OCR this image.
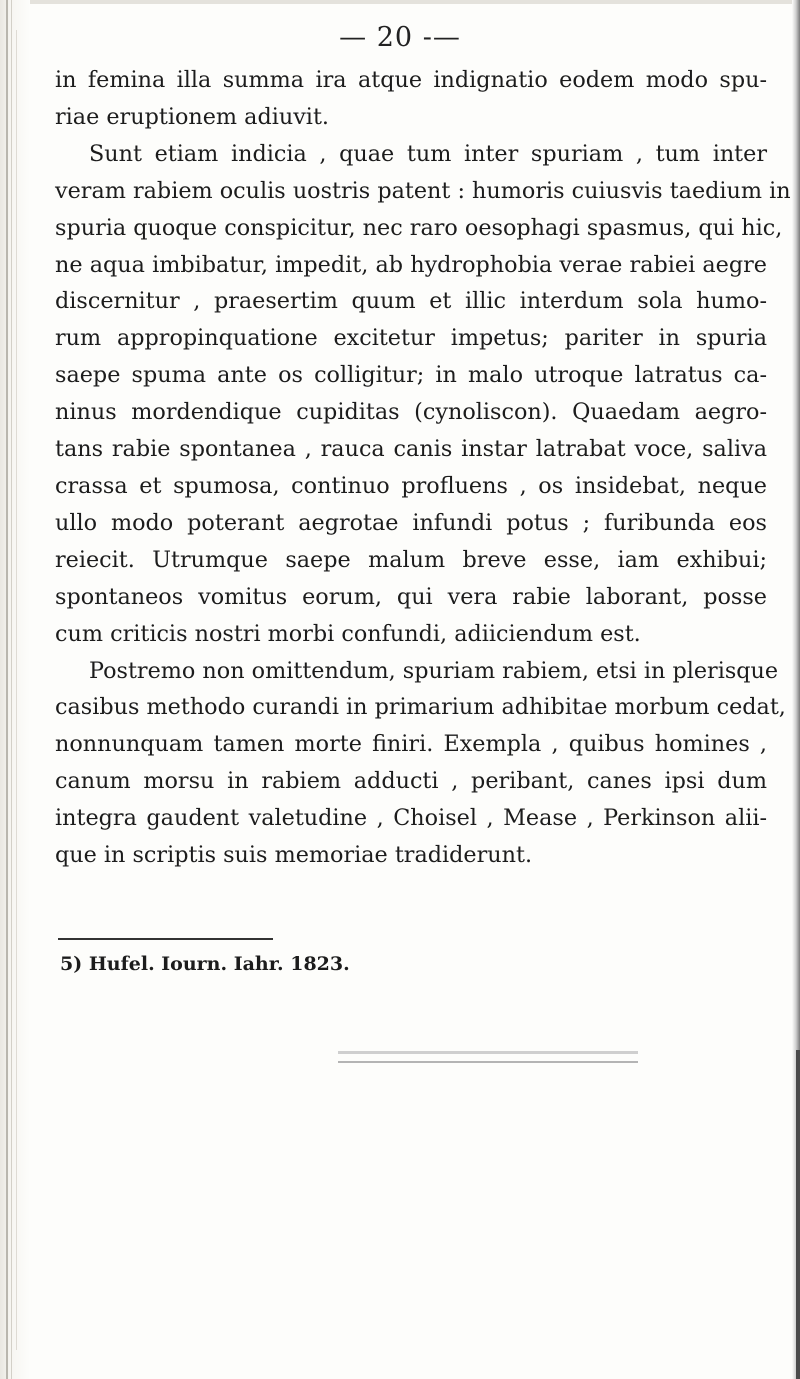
— 20 -—
in femina illa summa ira atque indignatio eodem modo spu-
riae eruptionem adiuvit.
Sunt etiam indicia , quae tum inter spuriam , tum inter
veram rabiem oculis uostris patent : humoris cuiusvis taedium in
spuria quoque conspicitur, nec raro oesophagi spasmus, qui hic,
ne aqua imbibatur, impedit, ab hydrophobia verae rabiei aegre
discernitur , praesertim quum et illic interdum sola humo-
rum appropinquatione excitetur impetus; pariter in spuria
saepe spuma ante os colligitur; in malo utroque latratus ca-
ninus mordendique cupiditas (cynoliscon). Quaedam aegro-
tans rabie spontanea , rauca canis instar latrabat voce, saliva
crassa et spumosa, continuo profluens , os insidebat, neque
ullo modo poterant aegrotae infundi potus ; furibunda eos
reiecit. Utrumque saepe malum breve esse, iam exhibui;
spontaneos vomitus eorum, qui vera rabie laborant, posse
cum criticis nostri morbi confundi, adiiciendum est.
Postremo non omittendum, spuriam rabiem, etsi in plerisque
casibus methodo curandi in primarium adhibitae morbum cedat,
nonnunquam tamen morte finiri. Exempla , quibus homines ,
canum morsu in rabiem adducti , peribant, canes ipsi dum
integra gaudent valetudine , Choisel , Mease , Perkinson alii-
que in scriptis suis memoriae tradiderunt.
5) Hufel. Iourn. Iahr. 1823.
